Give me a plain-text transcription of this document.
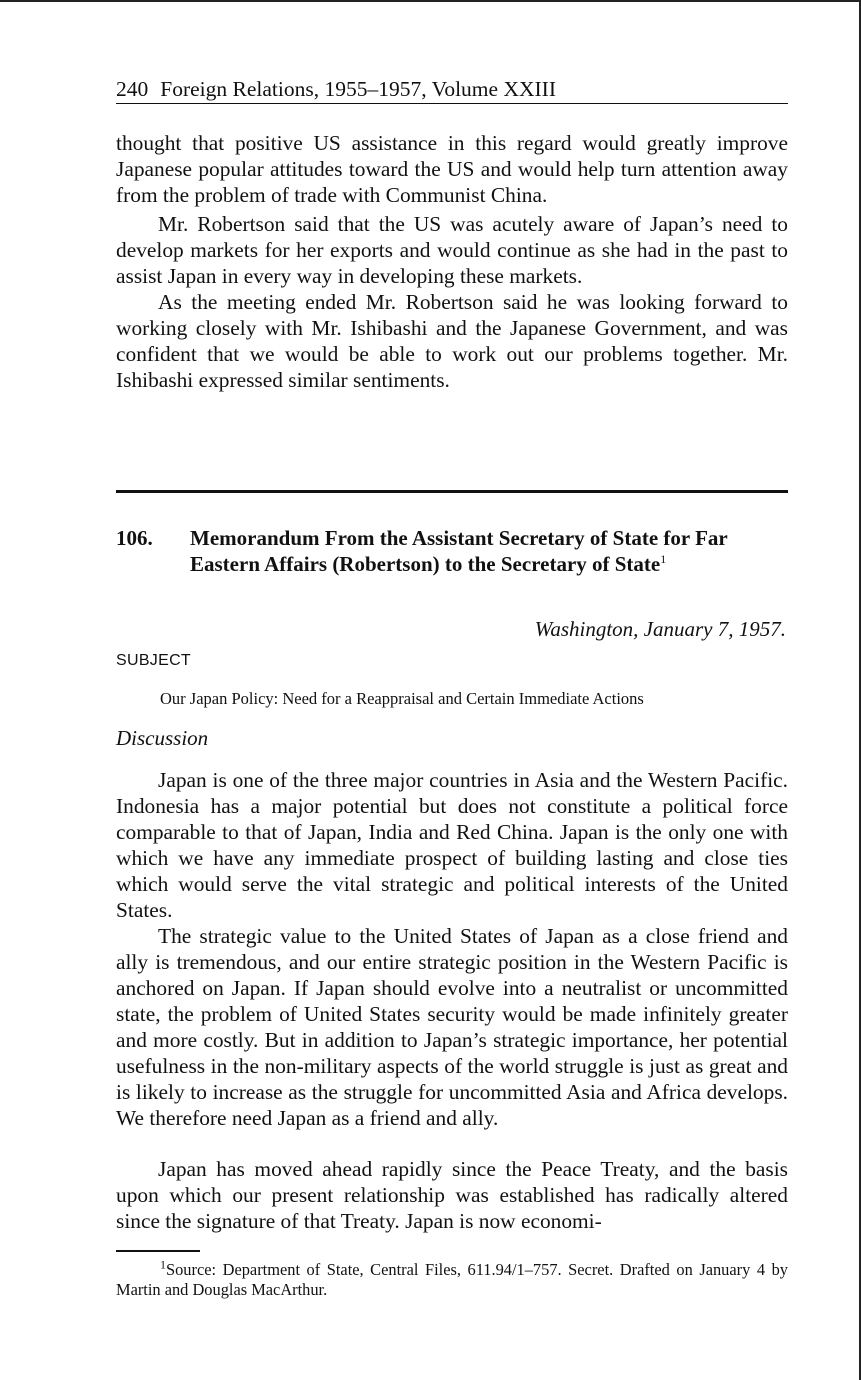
240 Foreign Relations, 1955–1957, Volume XXIII

thought that positive US assistance in this regard would greatly improve Japanese popular attitudes toward the US and would help turn attention away from the problem of trade with Communist China.

Mr. Robertson said that the US was acutely aware of Japan’s need to develop markets for her exports and would continue as she had in the past to assist Japan in every way in developing these markets.

As the meeting ended Mr. Robertson said he was looking forward to working closely with Mr. Ishibashi and the Japanese Government, and was confident that we would be able to work out our problems together. Mr. Ishibashi expressed similar sentiments.

106. Memorandum From the Assistant Secretary of State for Far Eastern Affairs (Robertson) to the Secretary of State$^1$
Washington, January 7, 1957.
SUBJECT
Our Japan Policy: Need for a Reappraisal and Certain Immediate Actions
Discussion

Japan is one of the three major countries in Asia and the Western Pacific. Indonesia has a major potential but does not constitute a political force comparable to that of Japan, India and Red China. Japan is the only one with which we have any immediate prospect of building lasting and close ties which would serve the vital strategic and political interests of the United States.

The strategic value to the United States of Japan as a close friend and ally is tremendous, and our entire strategic position in the Western Pacific is anchored on Japan. If Japan should evolve into a neutralist or uncommitted state, the problem of United States security would be made infinitely greater and more costly. But in addition to Japan’s strategic importance, her potential usefulness in the non-military aspects of the world struggle is just as great and is likely to increase as the struggle for uncommitted Asia and Africa develops. We therefore need Japan as a friend and ally.

Japan has moved ahead rapidly since the Peace Treaty, and the basis upon which our present relationship was established has radically altered since the signature of that Treaty. Japan is now economi-

$^1$Source: Department of State, Central Files, 611.94/1–757. Secret. Drafted on January 4 by Martin and Douglas MacArthur.
